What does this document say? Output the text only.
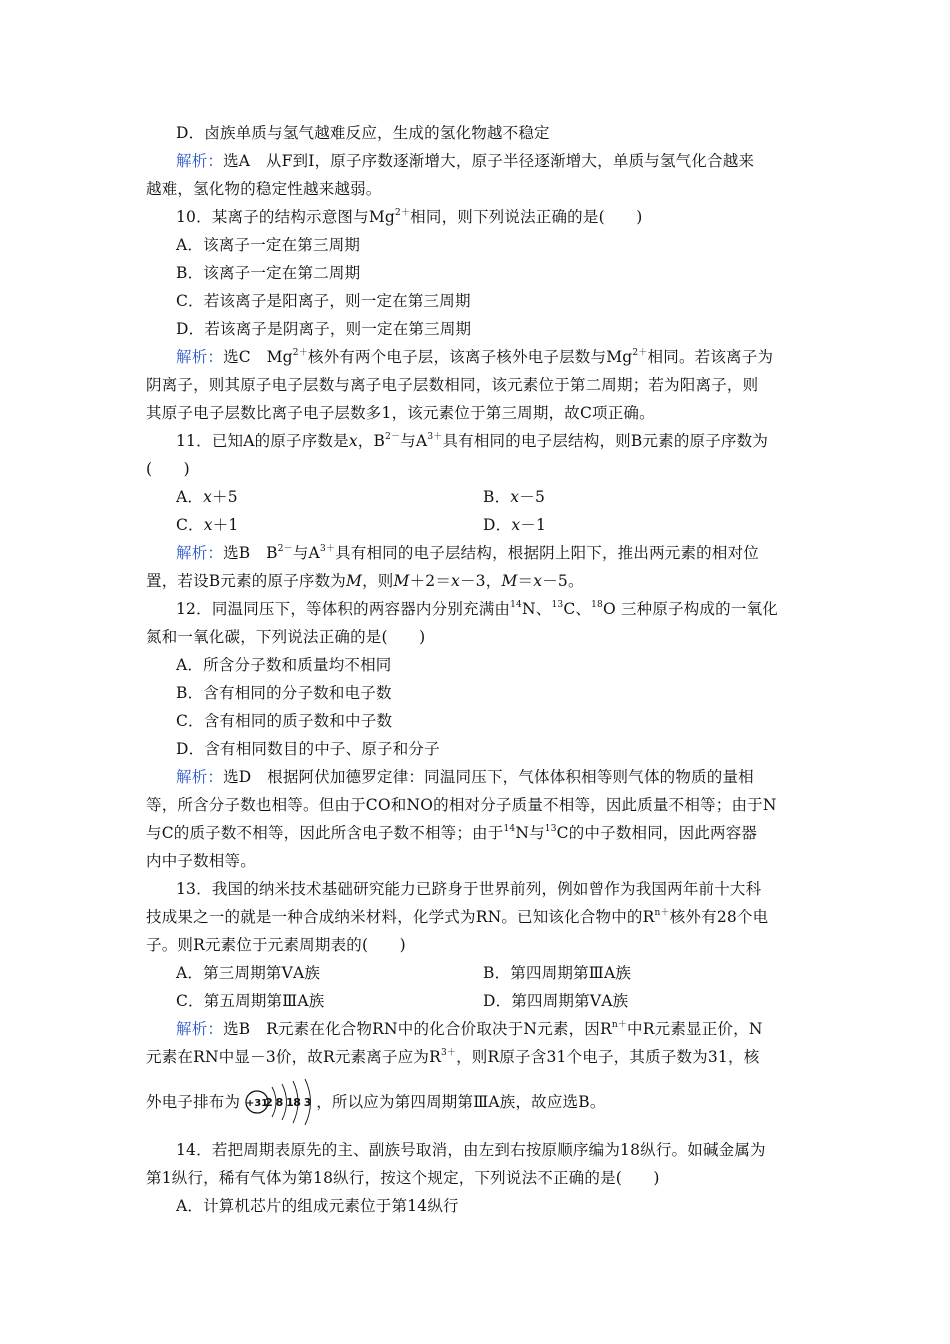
D．卤族单质与氢气越难反应，生成的氢化物越不稳定
解析：选A　从F到I，原子序数逐渐增大，原子半径逐渐增大，单质与氢气化合越来
越难，氢化物的稳定性越来越弱。
10．某离子的结构示意图与$Mg^{2+}$相同，则下列说法正确的是(　　)
A．该离子一定在第三周期
B．该离子一定在第二周期
C．若该离子是阳离子，则一定在第三周期
D．若该离子是阴离子，则一定在第三周期
解析：选C　$Mg^{2+}$核外有两个电子层，该离子核外电子层数与$Mg^{2+}$相同。若该离子为
阴离子，则其原子电子层数与离子电子层数相同，该元素位于第二周期；若为阳离子，则
其原子电子层数比离子电子层数多1，该元素位于第三周期，故C项正确。
11．已知A的原子序数是x，$B^{2-}$与$A^{3+}$具有相同的电子层结构，则B元素的原子序数为
(　　)
A．x＋5	B．x－5
C．x＋1	D．x－1
解析：选B　$B^{2-}$与$A^{3+}$具有相同的电子层结构，根据阴上阳下，推出两元素的相对位
置，若设B元素的原子序数为M，则M＋2＝x－3，M＝x－5。
12．同温同压下，等体积的两容器内分别充满由$^{14}$N、$^{13}$C、$^{18}$O 三种原子构成的一氧化
氮和一氧化碳，下列说法正确的是(　　)
A．所含分子数和质量均不相同
B．含有相同的分子数和电子数
C．含有相同的质子数和中子数
D．含有相同数目的中子、原子和分子
解析：选D　根据阿伏加德罗定律：同温同压下，气体体积相等则气体的物质的量相
等，所含分子数也相等。但由于CO和NO的相对分子质量不相等，因此质量不相等；由于N
与C的质子数不相等，因此所含电子数不相等；由于$^{14}$N与$^{13}$C的中子数相同，因此两容器
内中子数相等。
13．我国的纳米技术基础研究能力已跻身于世界前列，例如曾作为我国两年前十大科
技成果之一的就是一种合成纳米材料，化学式为RN。已知该化合物中的$R^{n+}$核外有28个电
子。则R元素位于元素周期表的(　　)
A．第三周期第ⅤA族	B．第四周期第ⅢA族
C．第五周期第ⅢA族	D．第四周期第ⅤA族
解析：选B　R元素在化合物RN中的化合价取决于N元素，因$R^{n+}$中R元素显正价，N
元素在RN中显－3价，故R元素离子应为$R^{3+}$，则R原子含31个电子，其质子数为31，核
外电子排布为	，所以应为第四周期第ⅢA族，故应选B。
+31
2 8 18 3
14．若把周期表原先的主、副族号取消，由左到右按原顺序编为18纵行。如碱金属为
第1纵行，稀有气体为第18纵行，按这个规定，下列说法不正确的是(　　)
A．计算机芯片的组成元素位于第14纵行
